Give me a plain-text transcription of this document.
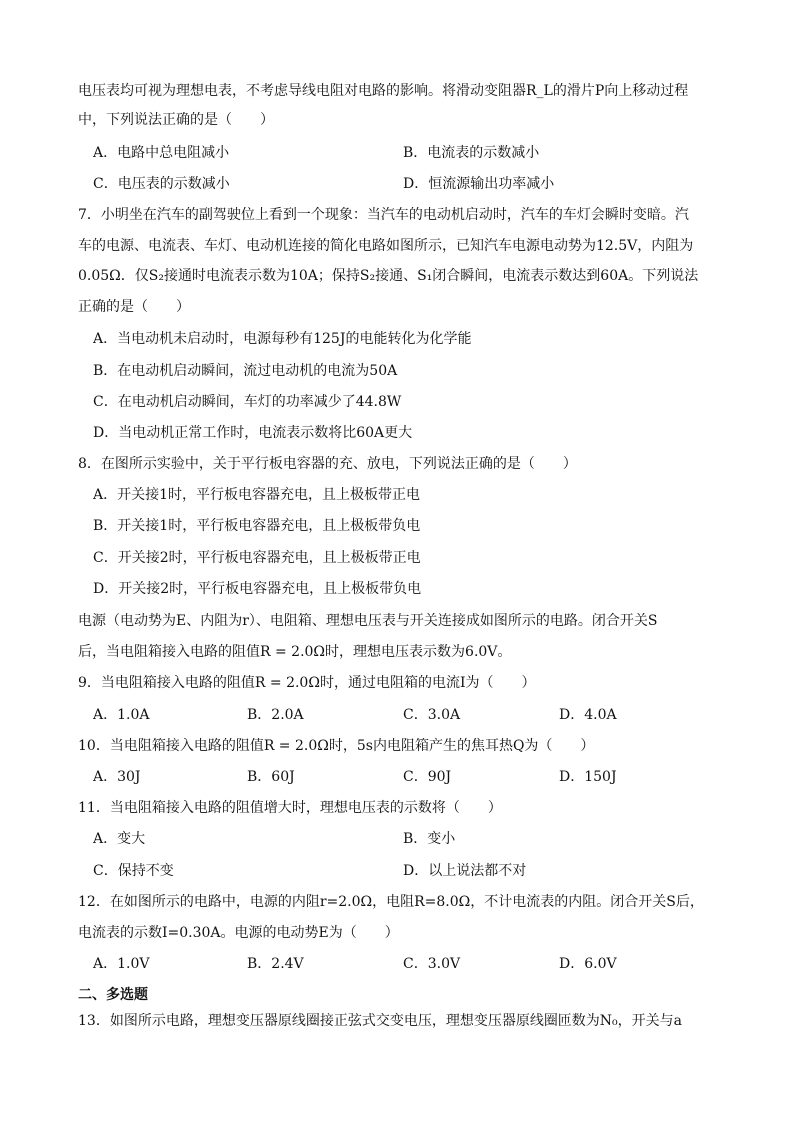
电压表均可视为理想电表，不考虑导线电阻对电路的影响。将滑动变阻器R_L的滑片P向上移动过程
中，下列说法正确的是（　　）
A．电路中总电阻减小	B．电流表的示数减小
C．电压表的示数减小	D．恒流源输出功率减小
7．小明坐在汽车的副驾驶位上看到一个现象：当汽车的电动机启动时，汽车的车灯会瞬时变暗。汽
车的电源、电流表、车灯、电动机连接的简化电路如图所示，已知汽车电源电动势为12.5V，内阻为
0.05Ω．仅S₂接通时电流表示数为10A；保持S₂接通、S₁闭合瞬间，电流表示数达到60A。下列说法
正确的是（　　）
A．当电动机未启动时，电源每秒有125J的电能转化为化学能
B．在电动机启动瞬间，流过电动机的电流为50A
C．在电动机启动瞬间，车灯的功率减少了44.8W
D．当电动机正常工作时，电流表示数将比60A更大
8．在图所示实验中，关于平行板电容器的充、放电，下列说法正确的是（　　）
A．开关接1时，平行板电容器充电，且上极板带正电
B．开关接1时，平行板电容器充电，且上极板带负电
C．开关接2时，平行板电容器充电，且上极板带正电
D．开关接2时，平行板电容器充电，且上极板带负电
电源（电动势为E、内阻为r）、电阻箱、理想电压表与开关连接成如图所示的电路。闭合开关S
后，当电阻箱接入电路的阻值R = 2.0Ω时，理想电压表示数为6.0V。
9．当电阻箱接入电路的阻值R = 2.0Ω时，通过电阻箱的电流I为（　　）
A．1.0A	B．2.0A	C．3.0A	D．4.0A
10．当电阻箱接入电路的阻值R = 2.0Ω时，5s内电阻箱产生的焦耳热Q为（　　）
A．30J	B．60J	C．90J	D．150J
11．当电阻箱接入电路的阻值增大时，理想电压表的示数将（　　）
A．变大	B．变小
C．保持不变	D．以上说法都不对
12．在如图所示的电路中，电源的内阻r=2.0Ω，电阻R=8.0Ω，不计电流表的内阻。闭合开关S后，
电流表的示数I=0.30A。电源的电动势E为（　　）
A．1.0V	B．2.4V	C．3.0V	D．6.0V
二、多选题
13．如图所示电路，理想变压器原线圈接正弦式交变电压，理想变压器原线圈匝数为N₀，开关与a
